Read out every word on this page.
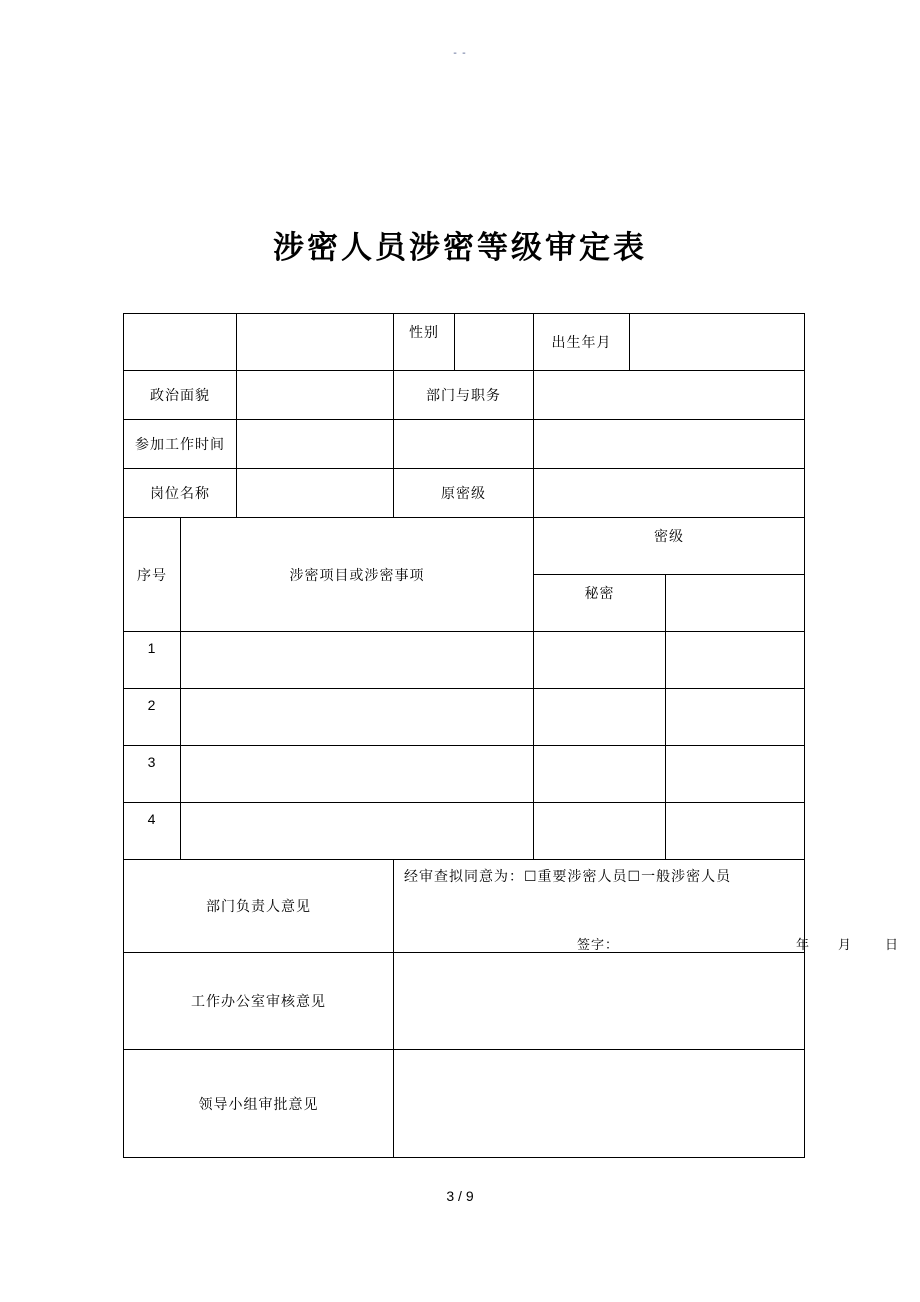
- -
涉密人员涉密等级审定表
			性别		出生年月		
政治面貌			部门与职务				
参加工作时间							
岗位名称			原密级				
序号	涉密项目或涉密事项				密级		
					秘密		
1							
2							
3							
4							
部门负责人意见			经审查拟同意为：☐重要涉密人员☐一般涉密人员
签字： 年 月 日				

工作办公室审核意见							
领导小组审批意见							
3 / 9
